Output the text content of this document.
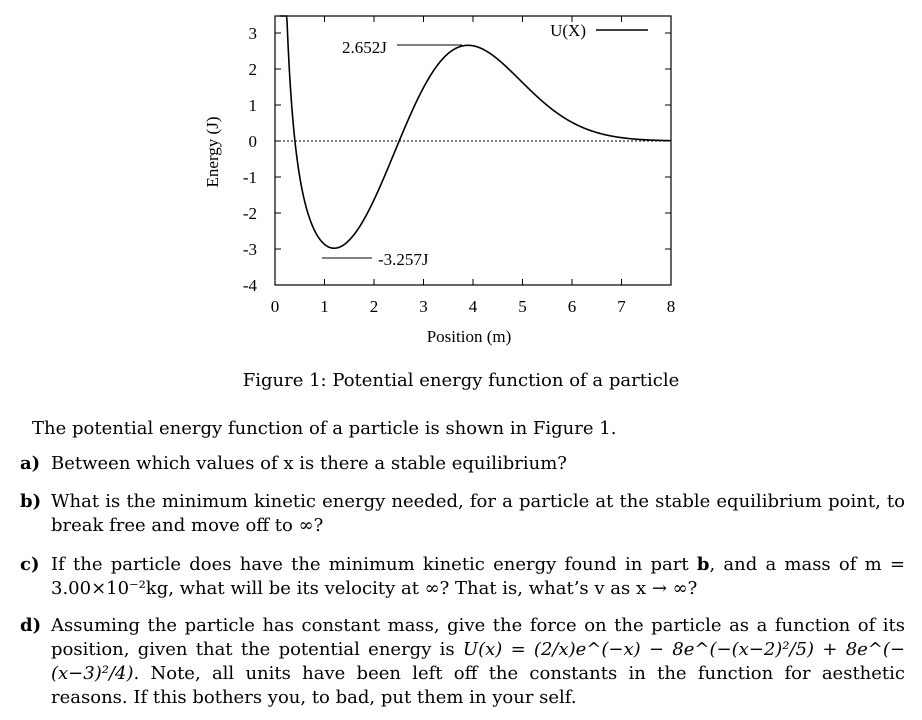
0 1 2 3 4 5 6 7 8
3
2
1
0
-1
-2
-3
-4
Position (m)
Energy (J)
U(X)
2.652J
-3.257J
Figure 1: Potential energy function of a particle
The potential energy function of a particle is shown in Figure 1.
a) Between which values of x is there a stable equilibrium?
b) What is the minimum kinetic energy needed, for a particle at the stable equilibrium point, to break free and move off to ∞?
c) If the particle does have the minimum kinetic energy found in part b, and a mass of m = 3.00×10⁻²kg, what will be its velocity at ∞? That is, what’s v as x → ∞?
d) Assuming the particle has constant mass, give the force on the particle as a function of its position, given that the potential energy is U(x) = (2/x)e^(−x) − 8e^(−(x−2)²/5) + 8e^(−(x−3)²/4). Note, all units have been left off the constants in the function for aesthetic reasons. If this bothers you, to bad, put them in your self.
